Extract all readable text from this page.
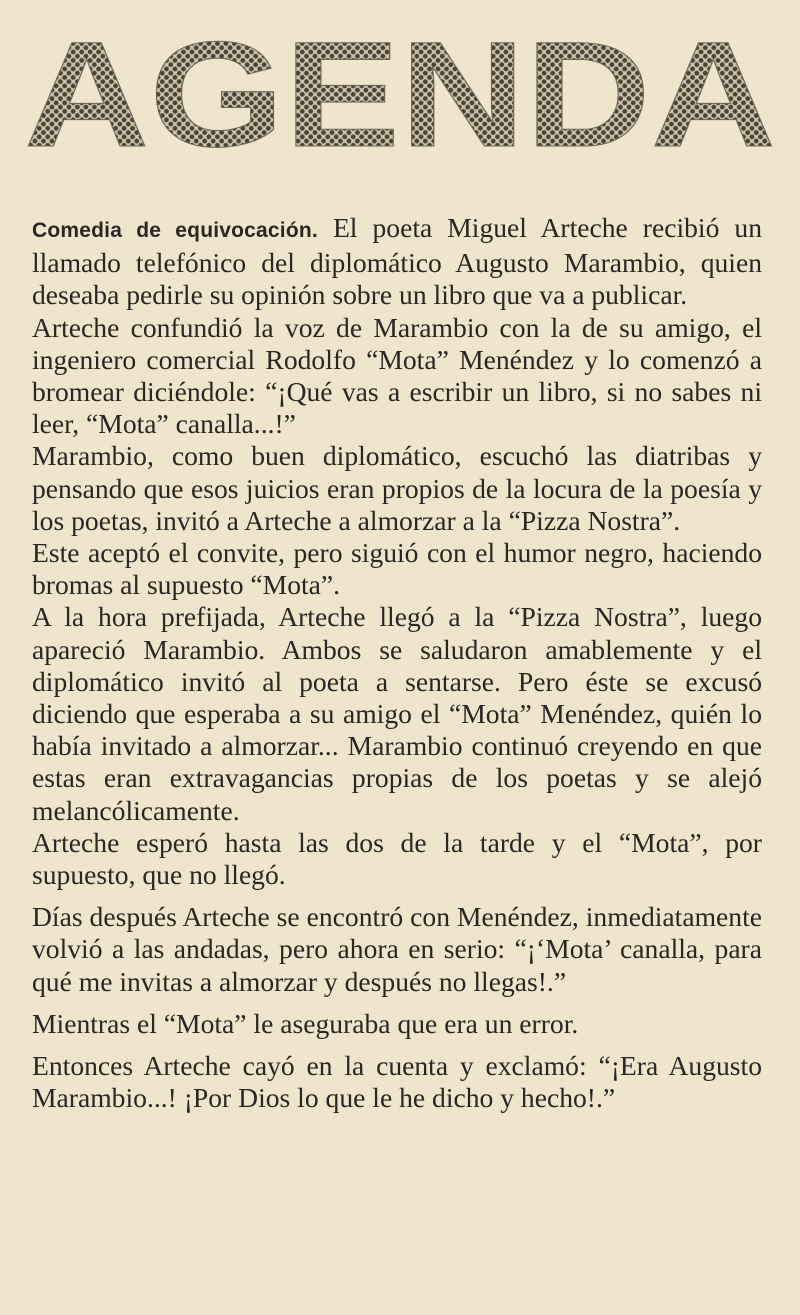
AGENDA

Comedia de equivocación. El poeta Miguel Arteche recibió un llamado telefónico del diplomático Augusto Marambio, quien deseaba pedirle su opinión sobre un libro que va a publicar.

Arteche confundió la voz de Marambio con la de su amigo, el ingeniero comercial Rodolfo “Mota” Menéndez y lo comenzó a bromear diciéndole: “¡Qué vas a escribir un libro, si no sabes ni leer, “Mota” canalla...!”

Marambio, como buen diplomático, escuchó las diatribas y pensando que esos juicios eran propios de la locura de la poesía y los poetas, invitó a Arteche a almorzar a la “Pizza Nostra”.

Este aceptó el convite, pero siguió con el humor negro, haciendo bromas al supuesto “Mota”.

A la hora prefijada, Arteche llegó a la “Pizza Nostra”, luego apareció Marambio. Ambos se saludaron amablemente y el diplomático invitó al poeta a sentarse. Pero éste se excusó diciendo que esperaba a su amigo el “Mota” Menéndez, quién lo había invitado a almorzar... Marambio continuó creyendo en que estas eran extravagancias propias de los poetas y se alejó melancólicamente.

Arteche esperó hasta las dos de la tarde y el “Mota”, por supuesto, que no llegó.

Días después Arteche se encontró con Menéndez, inmediatamente volvió a las andadas, pero ahora en serio: “¡‘Mota’ canalla, para qué me invitas a almorzar y después no llegas!.”

Mientras el “Mota” le aseguraba que era un error.

Entonces Arteche cayó en la cuenta y exclamó: “¡Era Augusto Marambio...! ¡Por Dios lo que le he dicho y hecho!.”
